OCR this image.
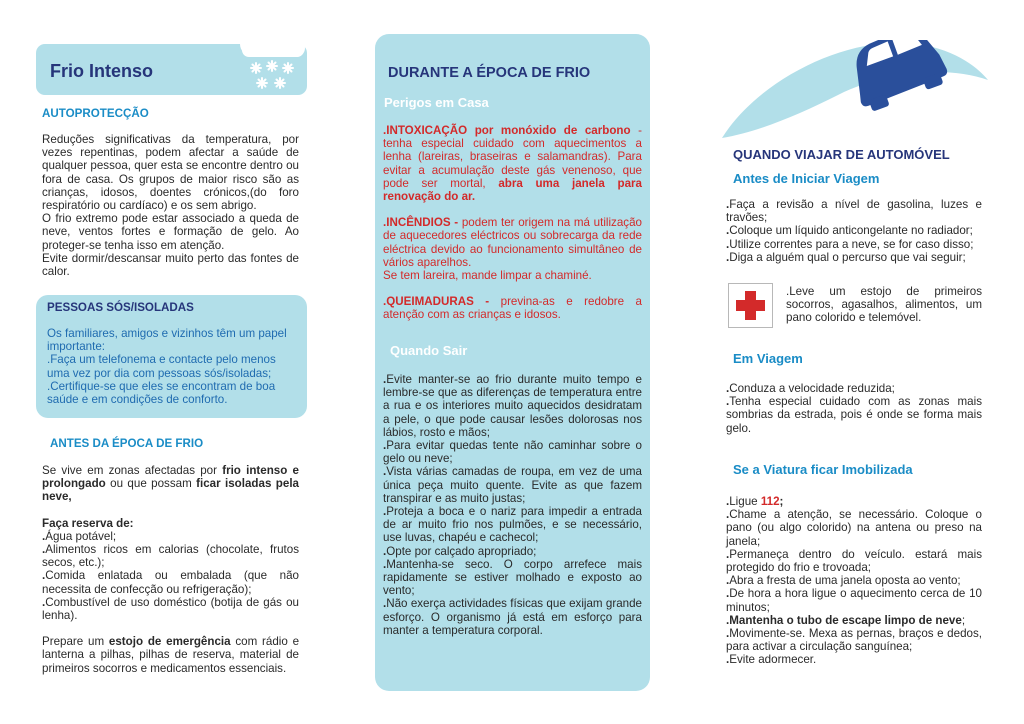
Frio Intenso
AUTOPROTECÇÃO

Reduções significativas da temperatura, por vezes repentinas, podem afectar a saúde de qualquer pessoa, quer esta se encontre dentro ou fora de casa. Os grupos de maior risco são as crianças, idosos, doentes crónicos,(do foro respiratório ou cardíaco) e os sem abrigo.

O frio extremo pode estar associado a queda de neve, ventos fortes e formação de gelo. Ao proteger-se tenha isso em atenção.

Evite dormir/descansar muito perto das fontes de calor.

PESSOAS SÓS/ISOLADAS

Os familiares, amigos e vizinhos têm um papel importante:

.Faça um telefonema e contacte pelo menos uma vez por dia com pessoas sós/isoladas;

.Certifique-se que eles se encontram de boa saúde e em condições de conforto.

ANTES DA ÉPOCA DE FRIO

Se vive em zonas afectadas por frio intenso e prolongado ou que possam ficar isoladas pela neve,

Faça reserva de:

.Água potável;

.Alimentos ricos em calorias (chocolate, frutos secos, etc.);

.Comida enlatada ou embalada (que não necessita de confecção ou refrigeração);

.Combustível de uso doméstico (botija de gás ou lenha).

Prepare um estojo de emergência com rádio e lanterna a pilhas, pilhas de reserva, material de primeiros socorros e medicamentos essenciais.

DURANTE A ÉPOCA DE FRIO
Perigos em Casa

.INTOXICAÇÃO por monóxido de carbono - tenha especial cuidado com aquecimentos a lenha (lareiras, braseiras e salamandras). Para evitar a acumulação deste gás venenoso, que pode ser mortal, abra uma janela para renovação do ar.

.INCÊNDIOS - podem ter origem na má utilização de aquecedores eléctricos ou sobrecarga da rede eléctrica devido ao funcionamento simultâneo de vários aparelhos.

Se tem lareira, mande limpar a chaminé.

.QUEIMADURAS - previna-as e redobre a atenção com as crianças e idosos.

Quando Sair

.Evite manter-se ao frio durante muito tempo e lembre-se que as diferenças de temperatura entre a rua e os interiores muito aquecidos desidratam a pele, o que pode causar lesões dolorosas nos lábios, rosto e mãos;

.Para evitar quedas tente não caminhar sobre o gelo ou neve;

.Vista várias camadas de roupa, em vez de uma única peça muito quente. Evite as que fazem transpirar e as muito justas;

.Proteja a boca e o nariz para impedir a entrada de ar muito frio nos pulmões, e se necessário, use luvas, chapéu e cachecol;

.Opte por calçado apropriado;

.Mantenha-se seco. O corpo arrefece mais rapidamente se estiver molhado e exposto ao vento;

.Não exerça actividades físicas que exijam grande esforço. O organismo já está em esforço para manter a temperatura corporal.

QUANDO VIAJAR DE AUTOMÓVEL
Antes de Iniciar Viagem

.Faça a revisão a nível de gasolina, luzes e travões;

.Coloque um líquido anticongelante no radiador;

.Utilize correntes para a neve, se for caso disso;

.Diga a alguém qual o percurso que vai seguir;

.Leve um estojo de primeiros socorros, agasalhos, alimentos, um pano colorido e telemóvel.
Em Viagem

.Conduza a velocidade reduzida;

.Tenha especial cuidado com as zonas mais sombrias da estrada, pois é onde se forma mais gelo.

Se a Viatura ficar Imobilizada

.Ligue 112;

.Chame a atenção, se necessário. Coloque o pano (ou algo colorido) na antena ou preso na janela;

.Permaneça dentro do veículo. estará mais protegido do frio e trovoada;

.Abra a fresta de uma janela oposta ao vento;

.De hora a hora ligue o aquecimento cerca de 10 minutos;

.Mantenha o tubo de escape limpo de neve;

.Movimente-se. Mexa as pernas, braços e dedos, para activar a circulação sanguínea;

.Evite adormecer.
